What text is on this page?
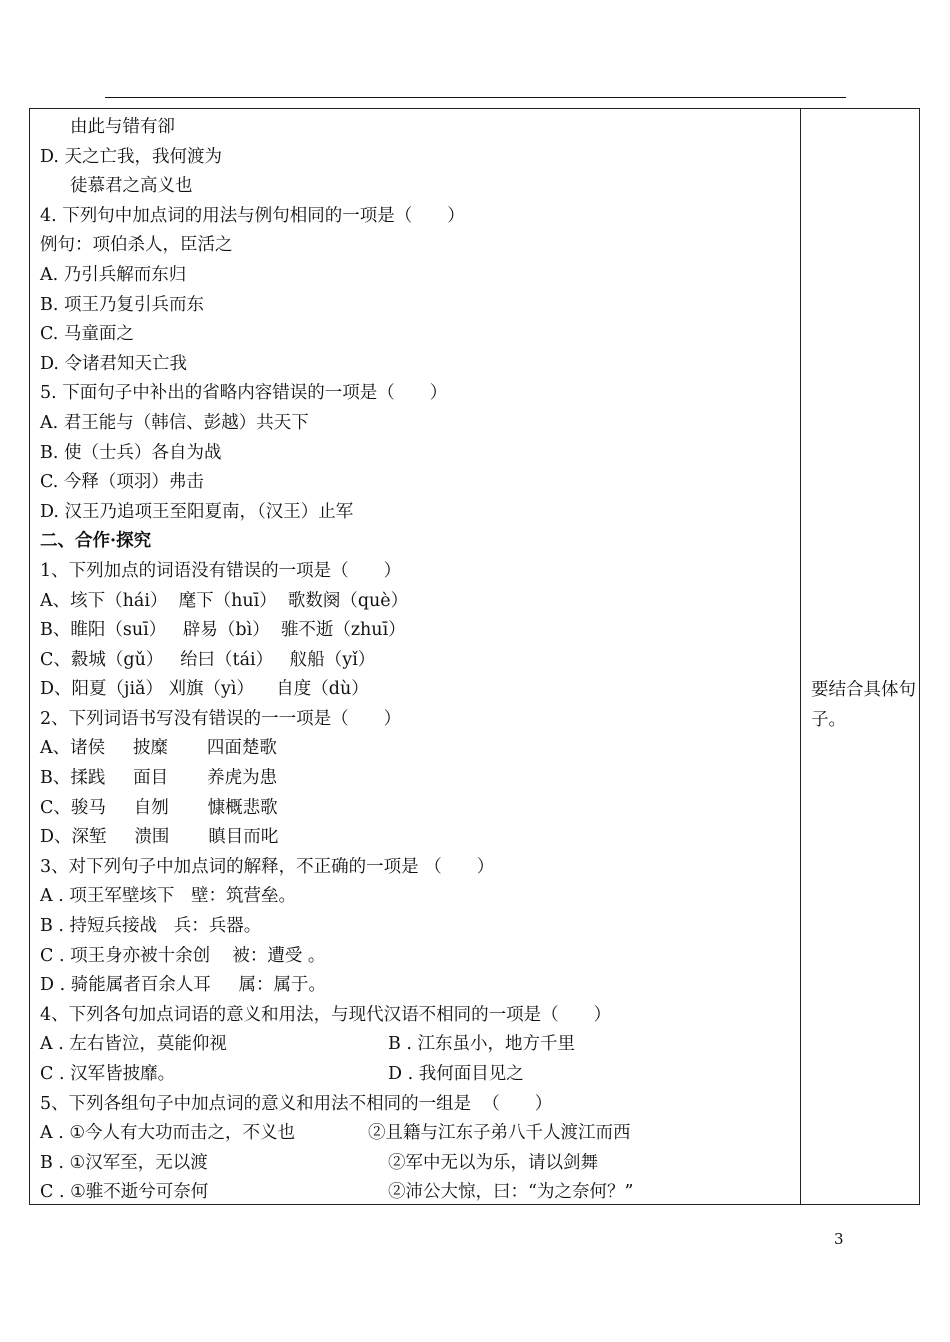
由此与错有卻
D. 天之亡我，我何渡为
徒慕君之高义也
4. 下列句中加点词的用法与例句相同的一项是（　　）
例句：项伯杀人，臣活之
A. 乃引兵解而东归
B. 项王乃复引兵而东
C. 马童面之
D. 令诸君知天亡我
5. 下面句子中补出的省略内容错误的一项是（　　）
A. 君王能与（韩信、彭越）共天下
B. 使（士兵）各自为战
C. 今释（项羽）弗击
D. 汉王乃追项王至阳夏南，（汉王）止军
二、合作·探究
1、下列加点的词语没有错误的一项是（　　）
A、垓下（hái）  麾下（huī）  歌数阕（què）
B、睢阳（suī）   辟易（bì）  骓不逝（zhuī）
C、縠城（gǔ）   绐曰（tái）   舣船（yǐ）
D、阳夏（jiǎ） 刈旗（yì）    自度（dù）
2、下列词语书写没有错误的一一项是（　　）
A、诸侯     披糜       四面楚歌
B、揉践     面目       养虎为患
C、骏马     自刎       慷概悲歌
D、深堑     溃围       瞋目而叱
3、对下列句子中加点词的解释，不正确的一项是 （　　）
A . 项王军壁垓下   壁：筑营垒。
B . 持短兵接战   兵：兵器。
C . 项王身亦被十余创    被：遭受 。
D . 骑能属者百余人耳     属：属于。
4、下列各句加点词语的意义和用法，与现代汉语不相同的一项是（　　）
A . 左右皆泣，莫能仰视	B . 江东虽小，地方千里
C . 汉军皆披靡。	D . 我何面目见之
5、下列各组句子中加点词的意义和用法不相同的一组是  （　　）
A . ①今人有大功而击之，不义也	②且籍与江东子弟八千人渡江而西
B . ①汉军至，无以渡	②军中无以为乐，请以剑舞
C . ①骓不逝兮可奈何	②沛公大惊，曰：“为之奈何？”
要结合具体句子。
3
